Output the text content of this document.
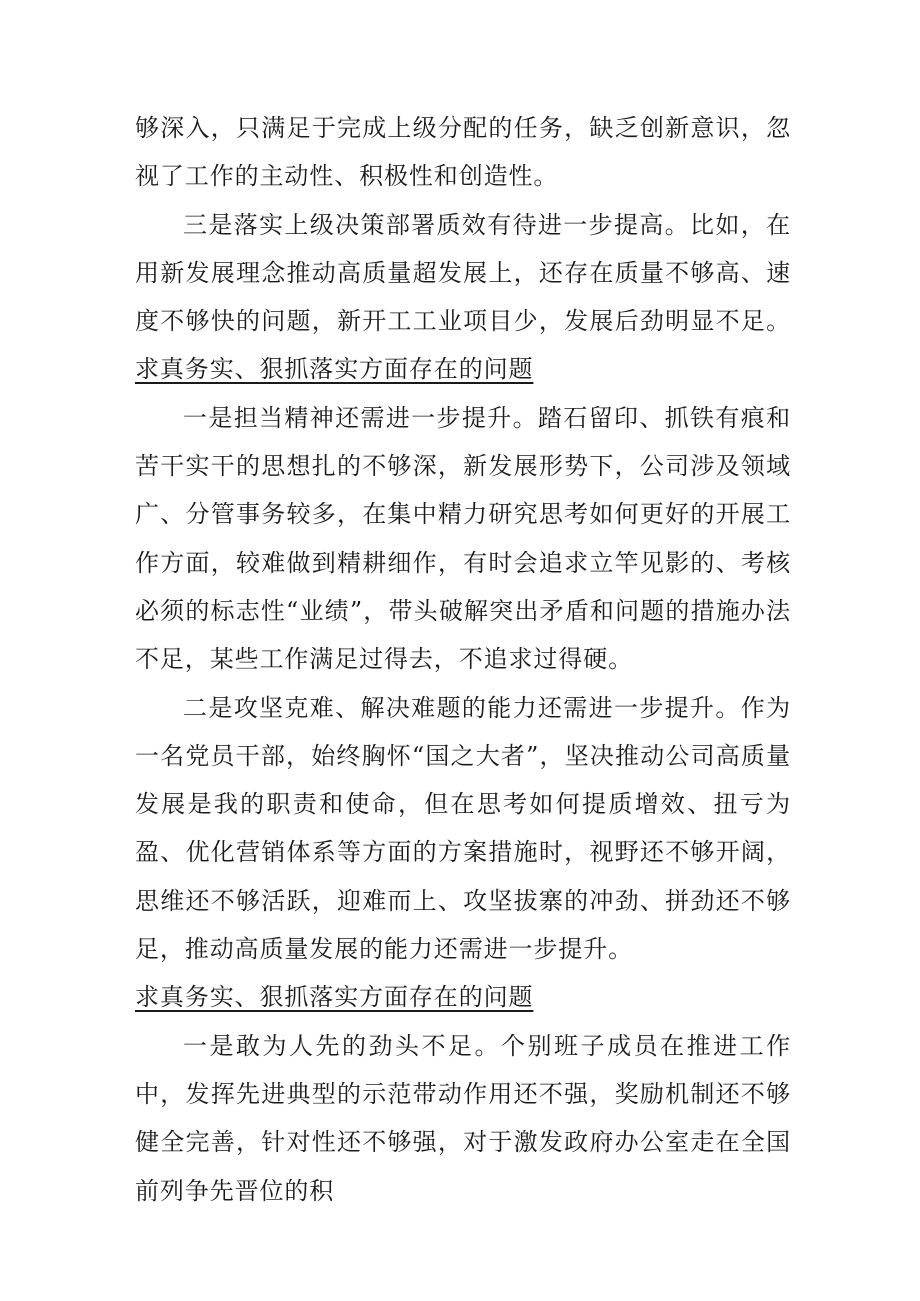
够深入，只满足于完成上级分配的任务，缺乏创新意识，忽视了工作的主动性、积极性和创造性。

三是落实上级决策部署质效有待进一步提高。比如，在用新发展理念推动高质量超发展上，还存在质量不够高、速度不够快的问题，新开工工业项目少，发展后劲明显不足。求真务实、狠抓落实方面存在的问题

一是担当精神还需进一步提升。踏石留印、抓铁有痕和苦干实干的思想扎的不够深，新发展形势下，公司涉及领域广、分管事务较多，在集中精力研究思考如何更好的开展工作方面，较难做到精耕细作，有时会追求立竿见影的、考核必须的标志性“业绩”，带头破解突出矛盾和问题的措施办法不足，某些工作满足过得去，不追求过得硬。

二是攻坚克难、解决难题的能力还需进一步提升。作为一名党员干部，始终胸怀“国之大者”，坚决推动公司高质量发展是我的职责和使命，但在思考如何提质增效、扭亏为盈、优化营销体系等方面的方案措施时，视野还不够开阔，思维还不够活跃，迎难而上、攻坚拔寨的冲劲、拼劲还不够足，推动高质量发展的能力还需进一步提升。

求真务实、狠抓落实方面存在的问题

一是敢为人先的劲头不足。个别班子成员在推进工作中，发挥先进典型的示范带动作用还不强，奖励机制还不够健全完善，针对性还不够强，对于激发政府办公室走在全国前列争先晋位的积
